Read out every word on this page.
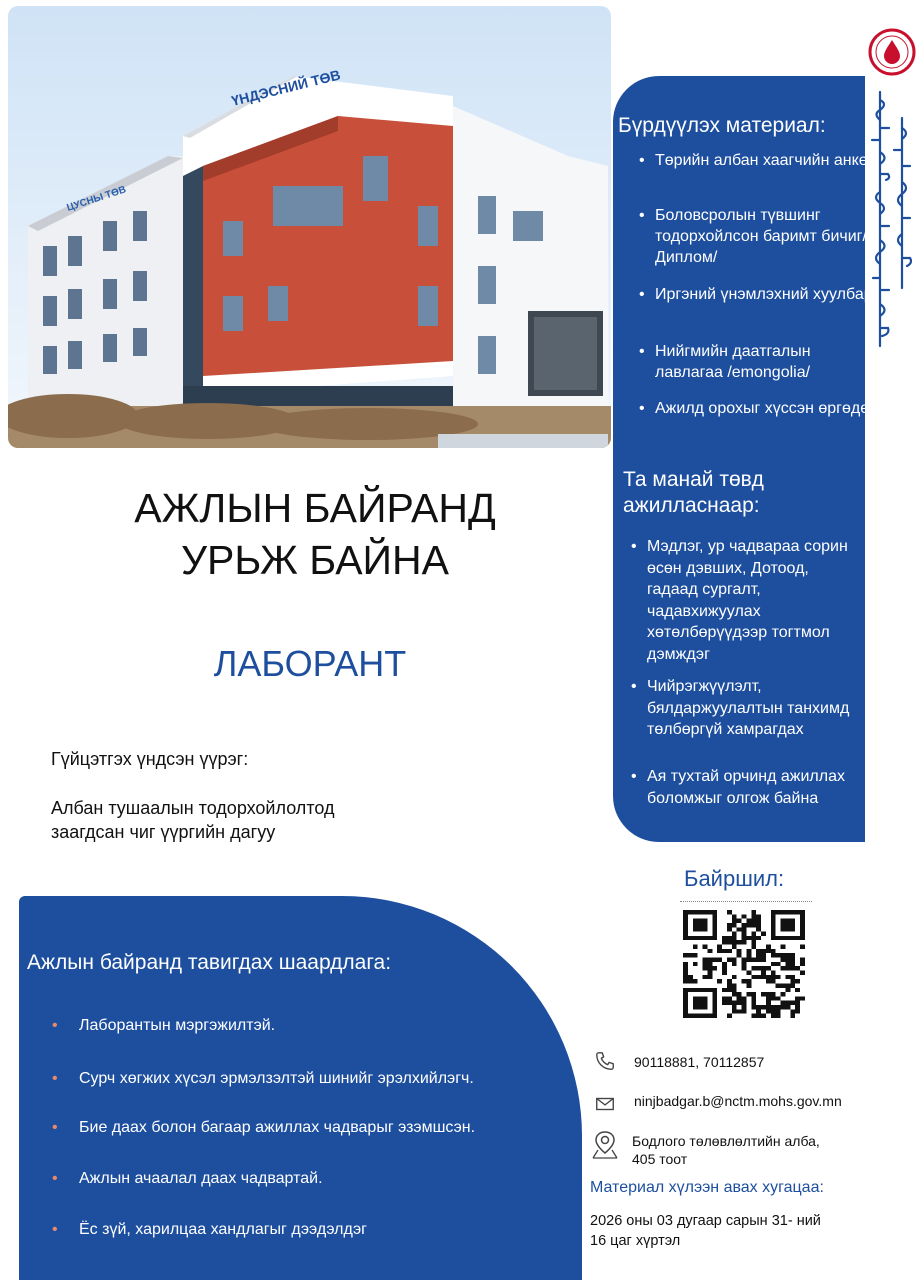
ҮНДЭСНИЙ ТӨВ
ЦУСНЫ ТӨВ
Бүрдүүлэх материал:
• Төрийн албан хаагчийн анкет
• Боловсролын түвшинг тодорхойлсон баримт бичиг/Диплом/
• Иргэний үнэмлэхний хуулбар
• Нийгмийн даатгалын лавлагаа /emongolia/
• Ажилд орохыг хүссэн өргөдөл
Та манай төвд ажилласнаар:
• Мэдлэг, ур чадвараа сорин өсөн дэвших, Дотоод, гадаад сургалт, чадавхижуулах хөтөлбөрүүдээр тогтмол дэмждэг
• Чийрэгжүүлэлт, бялдаржуулалтын танхимд төлбөргүй хамрагдах
• Ая тухтай орчинд ажиллах боломжыг олгож байна
АЖЛЫН БАЙРАНД
УРЬЖ БАЙНА
ЛАБОРАНТ
Гүйцэтгэх үндсэн үүрэг:
Албан тушаалын тодорхойлолтод
заагдсан чиг үүргийн дагуу
Ажлын байранд тавигдах шаардлага:
• Лаборантын мэргэжилтэй.
• Сурч хөгжих хүсэл эрмэлзэлтэй шинийг эрэлхийлэгч.
• Бие даах болон багаар ажиллах чадварыг эзэмшсэн.
• Ажлын ачаалал даах чадвартай.
• Ёс зүй, харилцаа хандлагыг дээдэлдэг
Байршил:
90118881, 70112857
ninjbadgar.b@nctm.mohs.gov.mn
Бодлого төлөвлөлтийн алба,
405 тоот
Материал хүлээн авах хугацаа:
2026 оны 03 дугаар сарын 31- ний
16 цаг хүртэл
